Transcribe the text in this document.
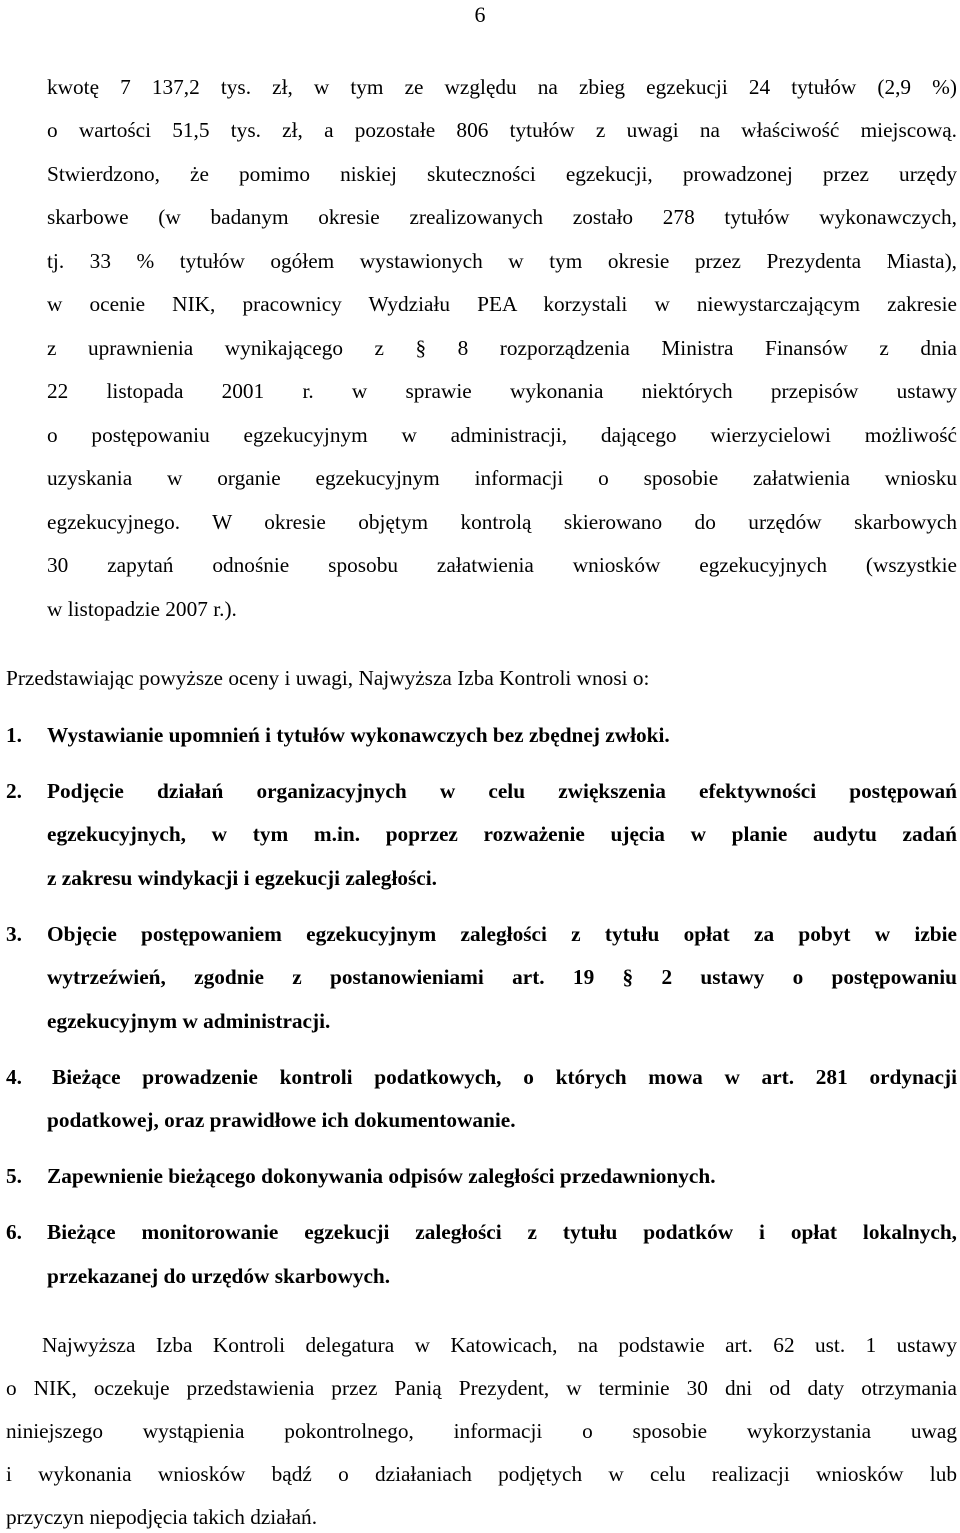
6
kwotę 7 137,2 tys. zł, w tym ze względu na zbieg egzekucji 24 tytułów (2,9 %)
o wartości 51,5 tys. zł, a pozostałe 806 tytułów z uwagi na właściwość miejscową.
Stwierdzono, że pomimo niskiej skuteczności egzekucji, prowadzonej przez urzędy
skarbowe (w badanym okresie zrealizowanych zostało 278 tytułów wykonawczych,
tj. 33 % tytułów ogółem wystawionych w tym okresie przez Prezydenta Miasta),
w ocenie NIK, pracownicy Wydziału PEA korzystali w niewystarczającym zakresie
z uprawnienia wynikającego z § 8 rozporządzenia Ministra Finansów z dnia
22 listopada 2001 r. w sprawie wykonania niektórych przepisów ustawy
o postępowaniu egzekucyjnym w administracji, dającego wierzycielowi możliwość
uzyskania w organie egzekucyjnym informacji o sposobie załatwienia wniosku
egzekucyjnego. W okresie objętym kontrolą skierowano do urzędów skarbowych
30 zapytań odnośnie sposobu załatwienia wniosków egzekucyjnych (wszystkie
w listopadzie 2007 r.).
Przedstawiając powyższe oceny i uwagi, Najwyższa Izba Kontroli wnosi o:
1. Wystawianie upomnień i tytułów wykonawczych bez zbędnej zwłoki.
2. Podjęcie działań organizacyjnych w celu zwiększenia efektywności postępowań
egzekucyjnych, w tym m.in. poprzez rozważenie ujęcia w planie audytu zadań
z zakresu windykacji i egzekucji zaległości.
3. Objęcie postępowaniem egzekucyjnym zaległości z tytułu opłat za pobyt w izbie
wytrzeźwień, zgodnie z postanowieniami art. 19 § 2 ustawy o postępowaniu
egzekucyjnym w administracji.
4. Bieżące prowadzenie kontroli podatkowych, o których mowa w art. 281 ordynacji
podatkowej, oraz prawidłowe ich dokumentowanie.
5. Zapewnienie bieżącego dokonywania odpisów zaległości przedawnionych.
6. Bieżące monitorowanie egzekucji zaległości z tytułu podatków i opłat lokalnych,
przekazanej do urzędów skarbowych.
Najwyższa Izba Kontroli delegatura w Katowicach, na podstawie art. 62 ust. 1 ustawy
o NIK, oczekuje przedstawienia przez Panią Prezydent, w terminie 30 dni od daty otrzymania
niniejszego wystąpienia pokontrolnego, informacji o sposobie wykorzystania uwag
i wykonania wniosków bądź o działaniach podjętych w celu realizacji wniosków lub
przyczyn niepodjęcia takich działań.
